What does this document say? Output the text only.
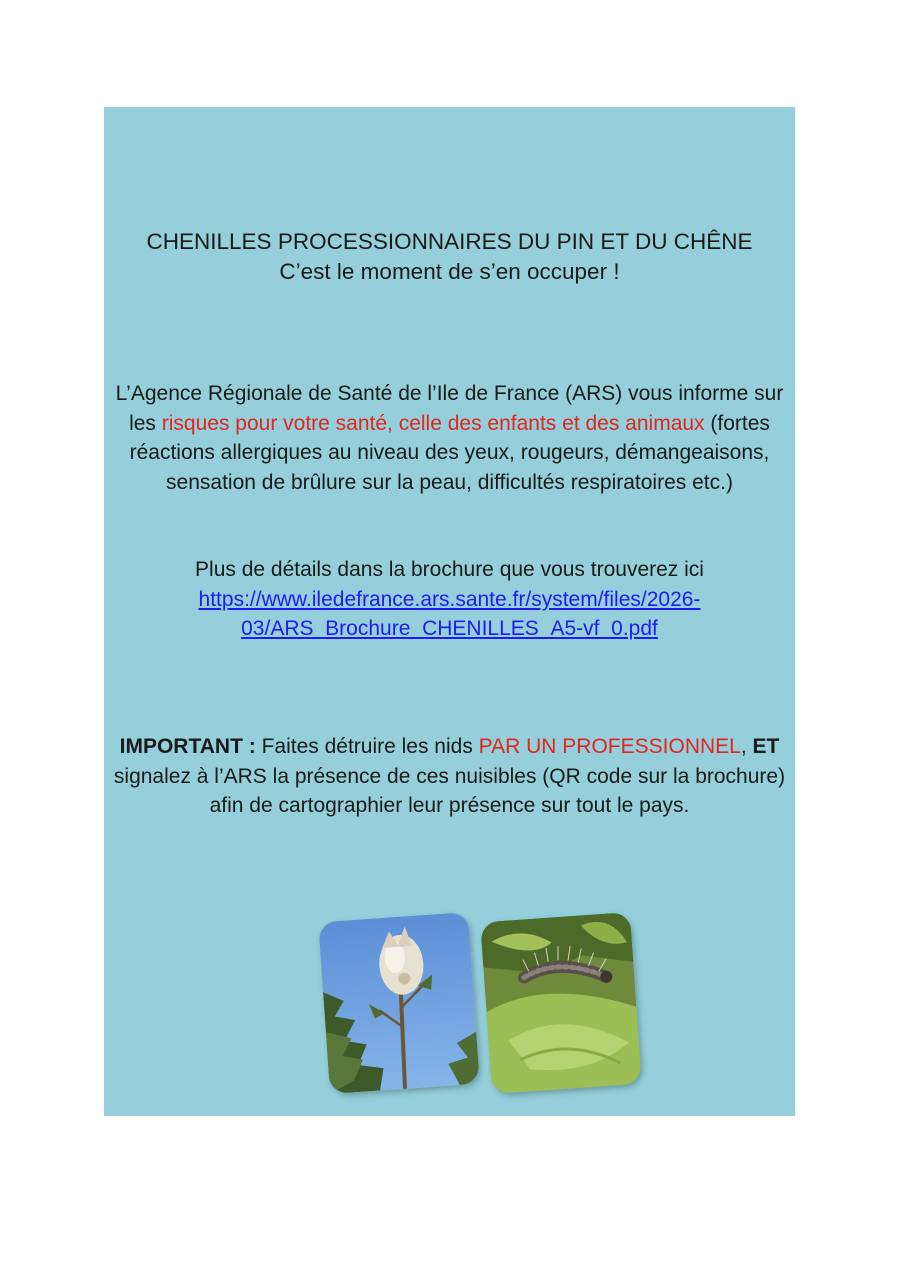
CHENILLES PROCESSIONNAIRES DU PIN ET DU CHÊNE
C’est le moment de s’en occuper !
L’Agence Régionale de Santé de l’Ile de France (ARS) vous informe sur
les risques pour votre santé, celle des enfants et des animaux (fortes
réactions allergiques au niveau des yeux, rougeurs, démangeaisons,
sensation de brûlure sur la peau, difficultés respiratoires etc.)
Plus de détails dans la brochure que vous trouverez ici
https://www.iledefrance.ars.sante.fr/system/files/2026-
03/ARS_Brochure_CHENILLES_A5-vf_0.pdf
IMPORTANT : Faites détruire les nids PAR UN PROFESSIONNEL, ET
signalez à l’ARS la présence de ces nuisibles (QR code sur la brochure)
afin de cartographier leur présence sur tout le pays.
